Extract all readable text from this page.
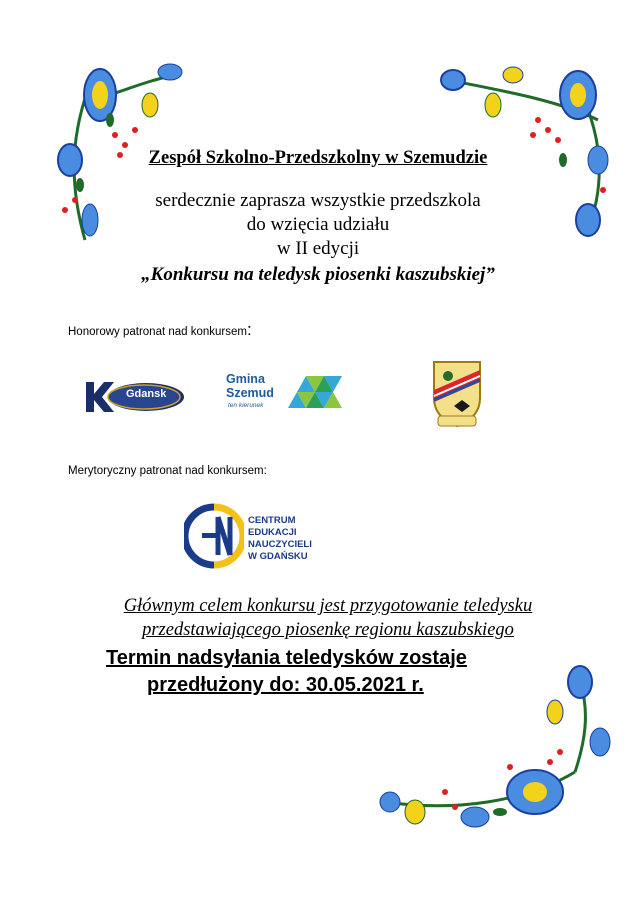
Zespół Szkolno-Przedszkolny w Szemudzie
serdecznie zaprasza wszystkie przedszkola
do wzięcia udziału
w II edycji
„Konkursu na teledysk piosenki kaszubskiej”
Honorowy patronat nad konkursem:
Gdansk
Gmina
Szemud
ten kierunek
Merytoryczny patronat nad konkursem:
CENTRUM
EDUKACJI
NAUCZYCIELI
W GDAŃSKU
Głównym celem konkursu jest przygotowanie teledysku
przedstawiającego piosenkę regionu kaszubskiego
Termin nadsyłania teledysków zostaje
przedłużony do: 30.05.2021 r.
